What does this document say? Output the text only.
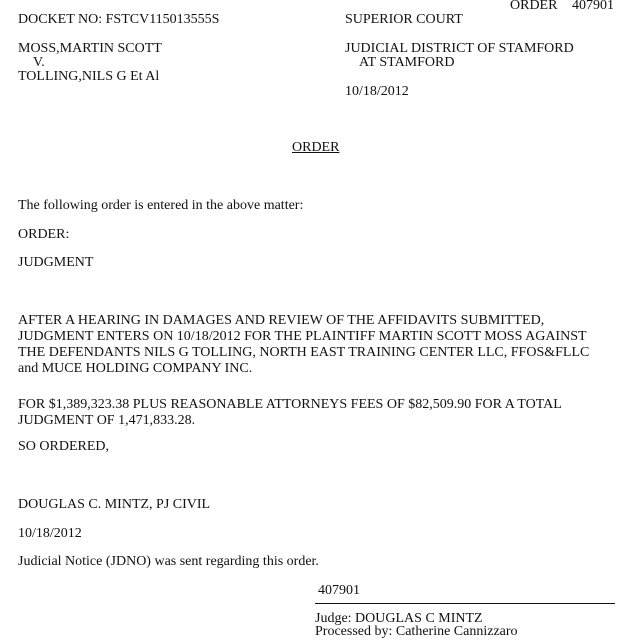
ORDER 407901
DOCKET NO: FSTCV115013555S	SUPERIOR COURT
MOSS,MARTIN SCOTT
V.
TOLLING,NILS G Et Al
JUDICIAL DISTRICT OF STAMFORD
AT STAMFORD
10/18/2012
ORDER
The following order is entered in the above matter:
ORDER:
JUDGMENT
AFTER A HEARING IN DAMAGES AND REVIEW OF THE AFFIDAVITS SUBMITTED, JUDGMENT ENTERS ON 10/18/2012 FOR THE PLAINTIFF MARTIN SCOTT MOSS AGAINST THE DEFENDANTS NILS G TOLLING, NORTH EAST TRAINING CENTER LLC, FFOS&FLLC and MUCE HOLDING COMPANY INC.
FOR $1,389,323.38 PLUS REASONABLE ATTORNEYS FEES OF $82,509.90 FOR A TOTAL JUDGMENT OF 1,471,833.28.
SO ORDERED,
DOUGLAS C. MINTZ, PJ CIVIL
10/18/2012
Judicial Notice (JDNO) was sent regarding this order.
407901
Judge: DOUGLAS C MINTZ
Processed by: Catherine Cannizzaro
